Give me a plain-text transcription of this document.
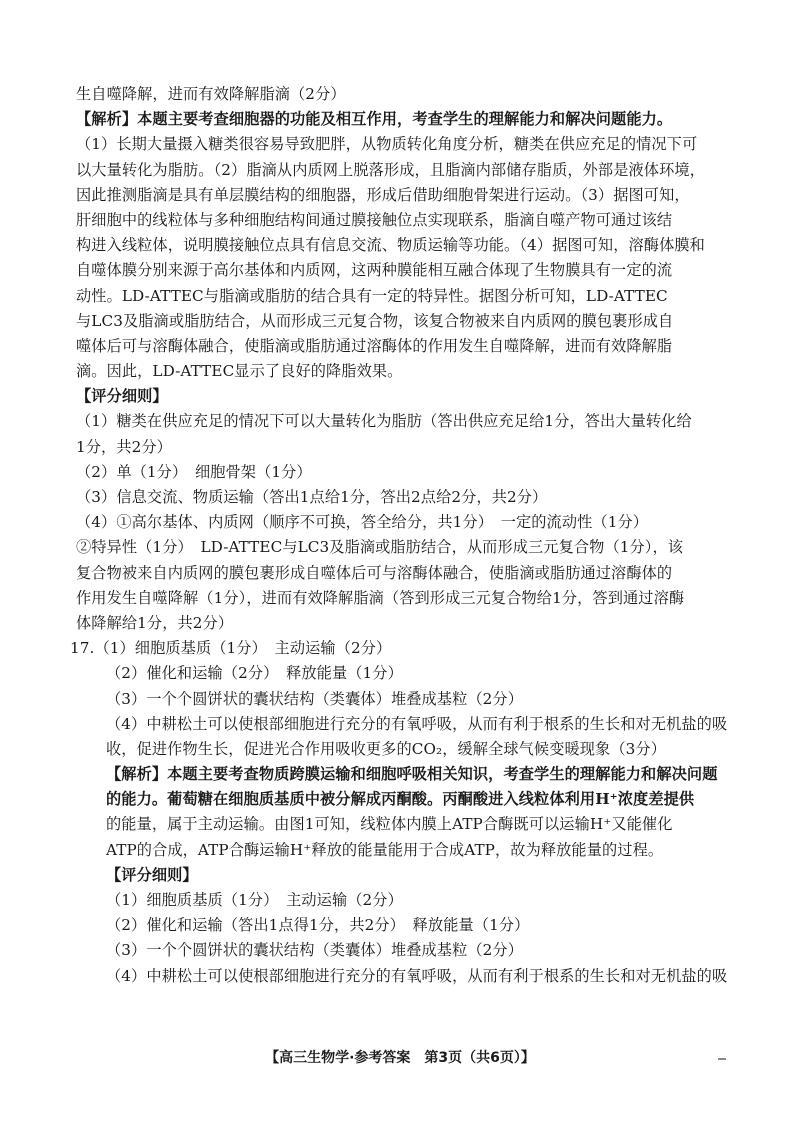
生自噬降解，进而有效降解脂滴（2分）
【解析】本题主要考查细胞器的功能及相互作用，考查学生的理解能力和解决问题能力。
（1）长期大量摄入糖类很容易导致肥胖，从物质转化角度分析，糖类在供应充足的情况下可
以大量转化为脂肪。（2）脂滴从内质网上脱落形成，且脂滴内部储存脂质，外部是液体环境，
因此推测脂滴是具有单层膜结构的细胞器，形成后借助细胞骨架进行运动。（3）据图可知，
肝细胞中的线粒体与多种细胞结构间通过膜接触位点实现联系，脂滴自噬产物可通过该结
构进入线粒体，说明膜接触位点具有信息交流、物质运输等功能。（4）据图可知，溶酶体膜和
自噬体膜分别来源于高尔基体和内质网，这两种膜能相互融合体现了生物膜具有一定的流
动性。LD-ATTEC与脂滴或脂肪的结合具有一定的特异性。据图分析可知，LD-ATTEC
与LC3及脂滴或脂肪结合，从而形成三元复合物，该复合物被来自内质网的膜包裹形成自
噬体后可与溶酶体融合，使脂滴或脂肪通过溶酶体的作用发生自噬降解，进而有效降解脂
滴。因此，LD-ATTEC显示了良好的降脂效果。
【评分细则】
（1）糖类在供应充足的情况下可以大量转化为脂肪（答出供应充足给1分，答出大量转化给
1分，共2分）
（2）单（1分）　细胞骨架（1分）
（3）信息交流、物质运输（答出1点给1分，答出2点给2分，共2分）
（4）①高尔基体、内质网（顺序不可换，答全给分，共1分）　一定的流动性（1分）
②特异性（1分）　LD-ATTEC与LC3及脂滴或脂肪结合，从而形成三元复合物（1分），该
复合物被来自内质网的膜包裹形成自噬体后可与溶酶体融合，使脂滴或脂肪通过溶酶体的
作用发生自噬降解（1分），进而有效降解脂滴（答到形成三元复合物给1分，答到通过溶酶
体降解给1分，共2分）
17.（1）细胞质基质（1分）　主动运输（2分）
（2）催化和运输（2分）　释放能量（1分）
（3）一个个圆饼状的囊状结构（类囊体）堆叠成基粒（2分）
（4）中耕松土可以使根部细胞进行充分的有氧呼吸，从而有利于根系的生长和对无机盐的吸
收，促进作物生长，促进光合作用吸收更多的CO₂，缓解全球气候变暖现象（3分）
【解析】本题主要考查物质跨膜运输和细胞呼吸相关知识，考查学生的理解能力和解决问题
的能力。葡萄糖在细胞质基质中被分解成丙酮酸。丙酮酸进入线粒体利用H⁺浓度差提供
的能量，属于主动运输。由图1可知，线粒体内膜上ATP合酶既可以运输H⁺又能催化
ATP的合成，ATP合酶运输H⁺释放的能量能用于合成ATP，故为释放能量的过程。
【评分细则】
（1）细胞质基质（1分）　主动运输（2分）
（2）催化和运输（答出1点得1分，共2分）　释放能量（1分）
（3）一个个圆饼状的囊状结构（类囊体）堆叠成基粒（2分）
（4）中耕松土可以使根部细胞进行充分的有氧呼吸，从而有利于根系的生长和对无机盐的吸
【高三生物学·参考答案　第3页（共6页）】
